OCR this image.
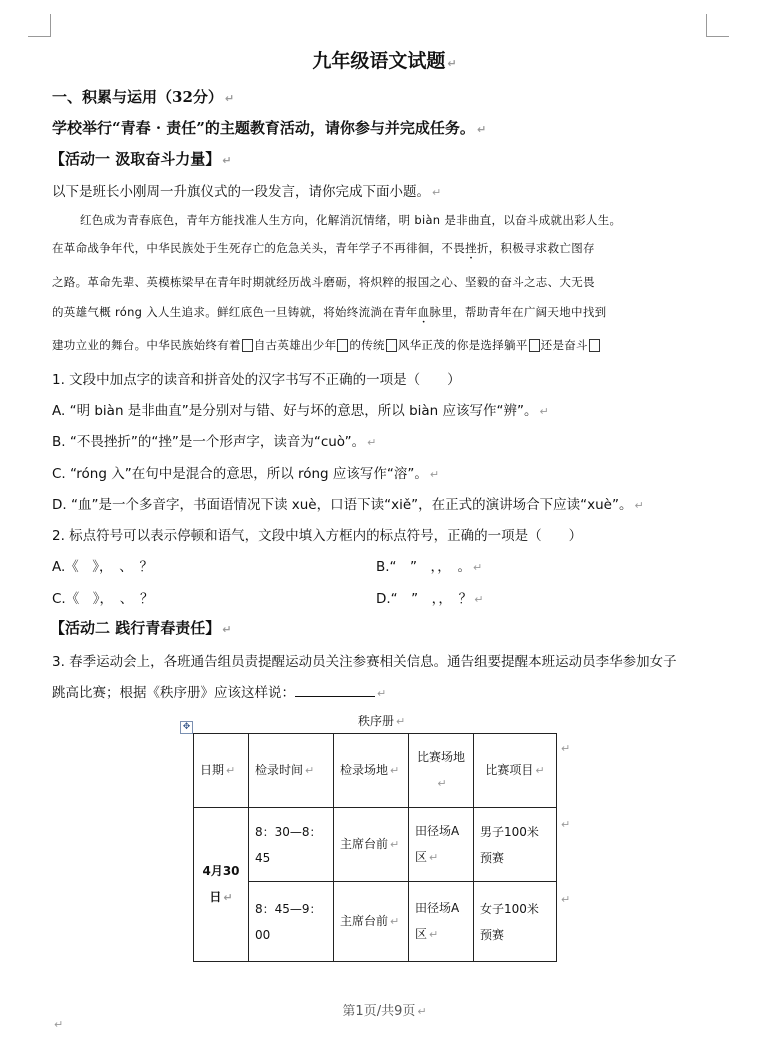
九年级语文试题 ↵
一、积累与运用（32分） ↵
学校举行“青春 · 责任”的主题教育活动，请你参与并完成任务。 ↵
【活动一 汲取奋斗力量】 ↵
以下是班长小刚周一升旗仪式的一段发言，请你完成下面小题。 ↵
红色成为青春底色，青年方能找准人生方向，化解消沉情绪，明 biàn 是非曲直，以奋斗成就出彩人生。
在革命战争年代，中华民族处于生死存亡的危急关头，青年学子不再徘徊，不畏挫折，积极寻求救亡图存
之路。革命先辈、英模栋梁早在青年时期就经历战斗磨砺，将炽粹的报国之心、坚毅的奋斗之志、大无畏
的英雄气概 róng 入人生追求。鲜红底色一旦铸就，将始终流淌在青年血脉里，帮助青年在广阔天地中找到
建功立业的舞台。中华民族始终有着 自古英雄出少年 的传统 风华正茂的你是选择躺平 还是奋斗
1. 文段中加点字的读音和拼音处的汉字书写不正确的一项是（　　）
A. “明 biàn 是非曲直”是分别对与错、好与坏的意思，所以 biàn 应该写作“辨”。 ↵
B. “不畏挫折”的“挫”是一个形声字，读音为“cuò”。 ↵
C. “róng 入”在句中是混合的意思，所以 róng 应该写作“溶”。 ↵
D. “血”是一个多音字，书面语情况下读 xuè，口语下读“xiě”，在正式的演讲场合下应读“xuè”。 ↵
2. 标点符号可以表示停顿和语气，文段中填入方框内的标点符号，正确的一项是（　　）
A.《　》，　、　？	B.“　”　，，　。 ↵
C.《　》，　、　？	D.“　”　，，　？ ↵
【活动二 践行青春责任】 ↵
3. 春季运动会上，各班通告组员责提醒运动员关注参赛相关信息。通告组要提醒本班运动员李华参加女子
跳高比赛；根据《秩序册》应该这样说：	↵
秩序册 ↵
✥
日期 ↵	检录时间 ↵	检录场地 ↵	比赛场地↵	比赛项目 ↵
4月30日 ↵	8：30—8：45	主席台前 ↵	田径场A区 ↵	男子100米预赛
	8：45—9：00	主席台前 ↵	田径场A区 ↵	女子100米预赛
↵
↵
↵
第1页/共9页 ↵
↵
